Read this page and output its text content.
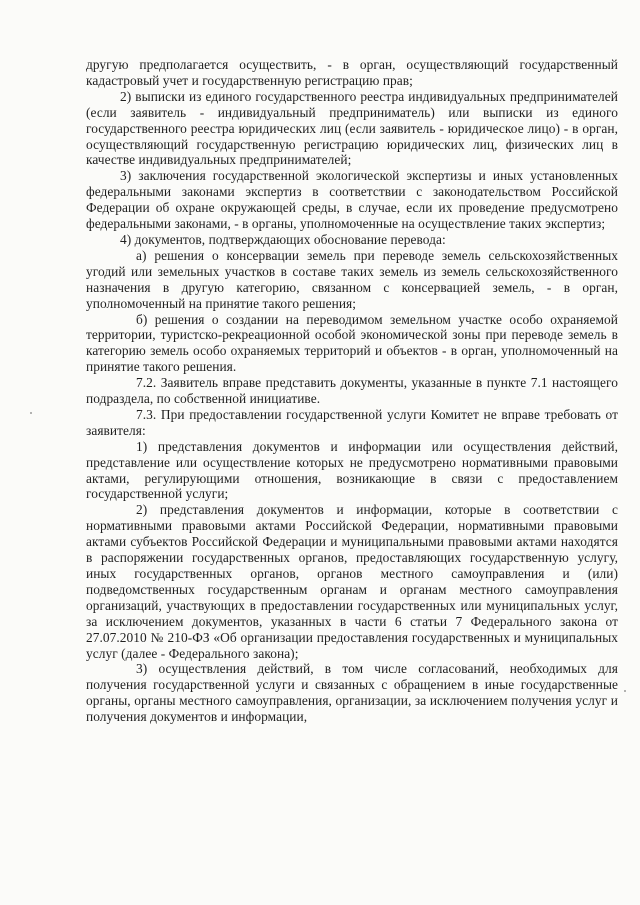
другую предполагается осуществить, - в орган, осуществляющий государственный кадастровый учет и государственную регистрацию прав;

2) выписки из единого государственного реестра индивидуальных предпринимателей (если заявитель - индивидуальный предприниматель) или выписки из единого государственного реестра юридических лиц (если заявитель - юридическое лицо) - в орган, осуществляющий государственную регистрацию юридических лиц, физических лиц в качестве индивидуальных предпринимателей;

3) заключения государственной экологической экспертизы и иных установленных федеральными законами экспертиз в соответствии с законодательством Российской Федерации об охране окружающей среды, в случае, если их проведение предусмотрено федеральными законами, - в органы, уполномоченные на осуществление таких экспертиз;

4) документов, подтверждающих обоснование перевода:

а) решения о консервации земель при переводе земель сельскохозяйственных угодий или земельных участков в составе таких земель из земель сельскохозяйственного назначения в другую категорию, связанном с консервацией земель, - в орган, уполномоченный на принятие такого решения;

б) решения о создании на переводимом земельном участке особо охраняемой территории, туристско-рекреационной особой экономической зоны при переводе земель в категорию земель особо охраняемых территорий и объектов - в орган, уполномоченный на принятие такого решения.

7.2. Заявитель вправе представить документы, указанные в пункте 7.1 настоящего подраздела, по собственной инициативе.

7.3. При предоставлении государственной услуги Комитет не вправе требовать от заявителя:

1) представления документов и информации или осуществления действий, представление или осуществление которых не предусмотрено нормативными правовыми актами, регулирующими отношения, возникающие в связи с предоставлением государственной услуги;

2) представления документов и информации, которые в соответствии с нормативными правовыми актами Российской Федерации, нормативными правовыми актами субъектов Российской Федерации и муниципальными правовыми актами находятся в распоряжении государственных органов, предоставляющих государственную услугу, иных государственных органов, органов местного самоуправления и (или) подведомственных государственным органам и органам местного самоуправления организаций, участвующих в предоставлении государственных или муниципальных услуг, за исключением документов, указанных в части 6 статьи 7 Федерального закона от 27.07.2010 № 210-ФЗ «Об организации предоставления государственных и муниципальных услуг (далее - Федерального закона);

3) осуществления действий, в том числе согласований, необходимых для получения государственной услуги и связанных с обращением в иные государственные органы, органы местного самоуправления, организации, за исключением получения услуг и получения документов и информации,
